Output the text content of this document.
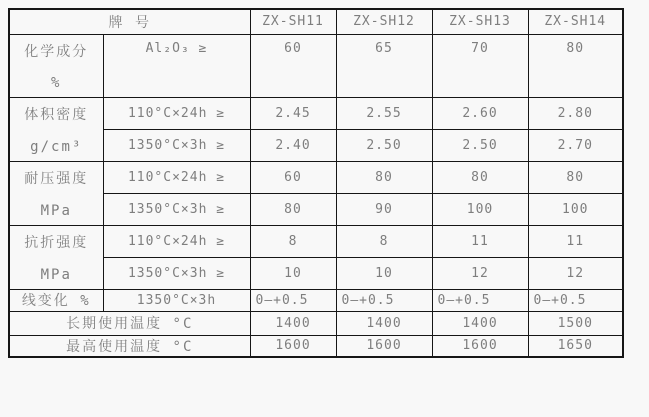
牌 号		ZX-SH11	ZX-SH12	ZX-SH13	ZX-SH14

化学成分
%	Al₂O₃ ≥	60	65	70	80

体积密度
g/cm³	110°C×24h ≥	2.45	2.55	2.60	2.80
	1350°C×3h ≥	2.40	2.50	2.50	2.70

耐压强度
MPa	110°C×24h ≥	60	80	80	80
	1350°C×3h ≥	80	90	100	100

抗折强度
MPa	110°C×24h ≥	8	8	11	11
	1350°C×3h ≥	10	10	12	12
线变化 %	1350°C×3h	0—+0.5	0—+0.5	0—+0.5	0—+0.5
长期使用温度 °C		1400	1400	1400	1500
最高使用温度 °C		1600	1600	1600	1650
